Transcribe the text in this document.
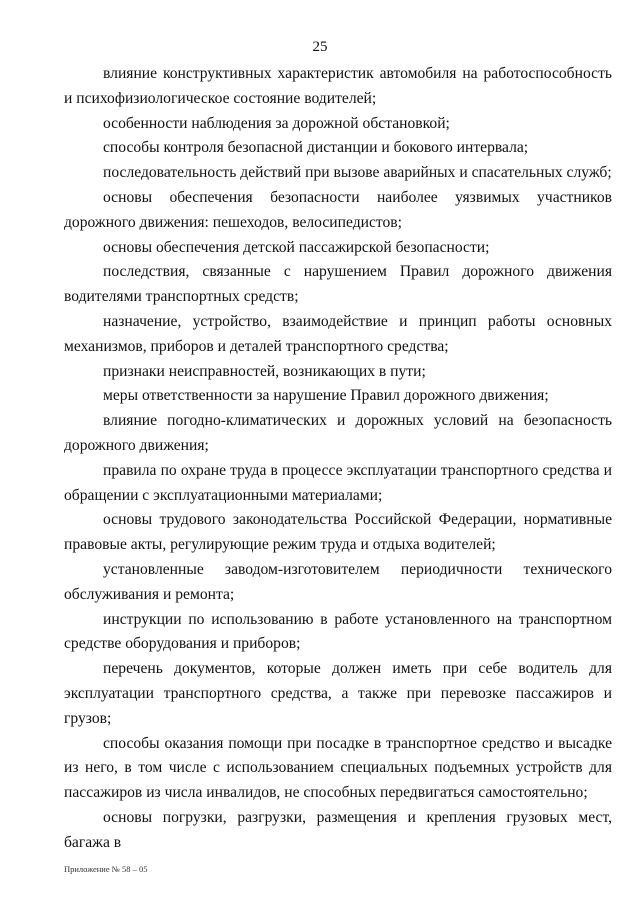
25

влияние конструктивных характеристик автомобиля на работоспособность и психофизиологическое состояние водителей;

особенности наблюдения за дорожной обстановкой;

способы контроля безопасной дистанции и бокового интервала;

последовательность действий при вызове аварийных и спасательных служб;

основы обеспечения безопасности наиболее уязвимых участников дорожного движения: пешеходов, велосипедистов;

основы обеспечения детской пассажирской безопасности;

последствия, связанные с нарушением Правил дорожного движения водителями транспортных средств;

назначение, устройство, взаимодействие и принцип работы основных механизмов, приборов и деталей транспортного средства;

признаки неисправностей, возникающих в пути;

меры ответственности за нарушение Правил дорожного движения;

влияние погодно-климатических и дорожных условий на безопасность дорожного движения;

правила по охране труда в процессе эксплуатации транспортного средства и обращении с эксплуатационными материалами;

основы трудового законодательства Российской Федерации, нормативные правовые акты, регулирующие режим труда и отдыха водителей;

установленные заводом-изготовителем периодичности технического обслуживания и ремонта;

инструкции по использованию в работе установленного на транспортном средстве оборудования и приборов;

перечень документов, которые должен иметь при себе водитель для эксплуатации транспортного средства, а также при перевозке пассажиров и грузов;

способы оказания помощи при посадке в транспортное средство и высадке из него, в том числе с использованием специальных подъемных устройств для пассажиров из числа инвалидов, не способных передвигаться самостоятельно;

основы погрузки, разгрузки, размещения и крепления грузовых мест, багажа в

Приложение № 58 – 05
